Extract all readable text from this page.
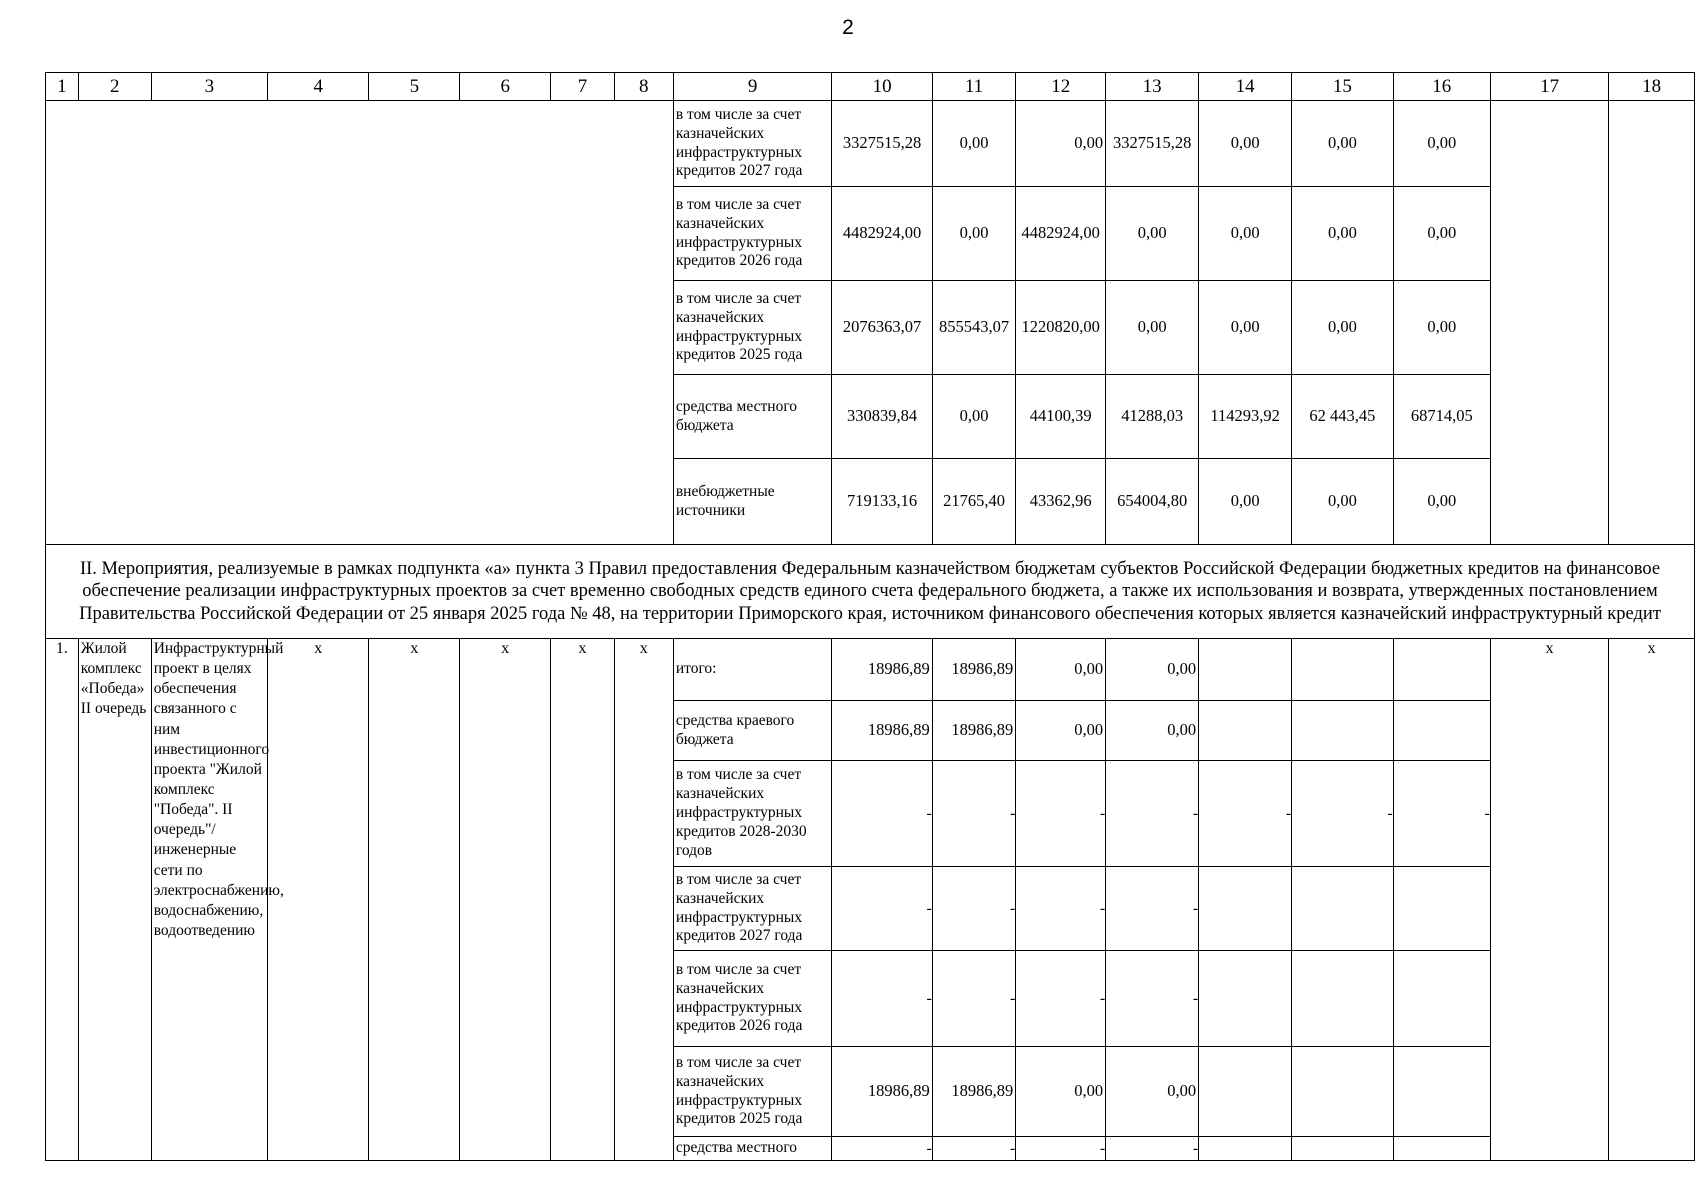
2
1	2	3	4	5	6	7	8	9	10	11	12	13	14	15	16	17	18
								в том числе за счет казначейских инфраструктурных кредитов 2027 года	3327515,28	0,00	0,00	3327515,28	0,00	0,00	0,00		
								в том числе за счет казначейских инфраструктурных кредитов 2026 года	4482924,00	0,00	4482924,00	0,00	0,00	0,00	0,00		
								в том числе за счет казначейских инфраструктурных кредитов 2025 года	2076363,07	855543,07	1220820,00	0,00	0,00	0,00	0,00		
								средства местного бюджета	330839,84	0,00	44100,39	41288,03	114293,92	62 443,45	68714,05		
								внебюджетные источники	719133,16	21765,40	43362,96	654004,80	0,00	0,00	0,00		
II. Мероприятия, реализуемые в рамках подпункта «а» пункта 3 Правил предоставления Федеральным казначейством бюджетам субъектов Российской Федерации бюджетных кредитов на финансовое обеспечение реализации инфраструктурных проектов за счет временно свободных средств единого счета федерального бюджета, а также их использования и возврата, утвержденных постановлением Правительства Российской Федерации от 25 января 2025 года № 48, на территории Приморского края, источником финансового обеспечения которых является казначейский инфраструктурный кредит																	
1.	Жилой комплекс «Победа» II очередь	Инфраструктурный проект в целях обеспечения связанного с ним инвестиционного проекта "Жилой комплекс "Победа". II очередь"/ инженерные сети по электроснабжению, водоснабжению, водоотведению	x	x	x	x	x	итого:	18986,89	18986,89	0,00	0,00				x	x
								средства краевого бюджета	18986,89	18986,89	0,00	0,00					
								в том числе за счет казначейских инфраструктурных кредитов 2028-2030 годов	-	-	-	-	-	-	-		
								в том числе за счет казначейских инфраструктурных кредитов 2027 года	-	-	-	-					
								в том числе за счет казначейских инфраструктурных кредитов 2026 года	-	-	-	-					
								в том числе за счет казначейских инфраструктурных кредитов 2025 года	18986,89	18986,89	0,00	0,00					
								средства местного	-	-	-	-					
